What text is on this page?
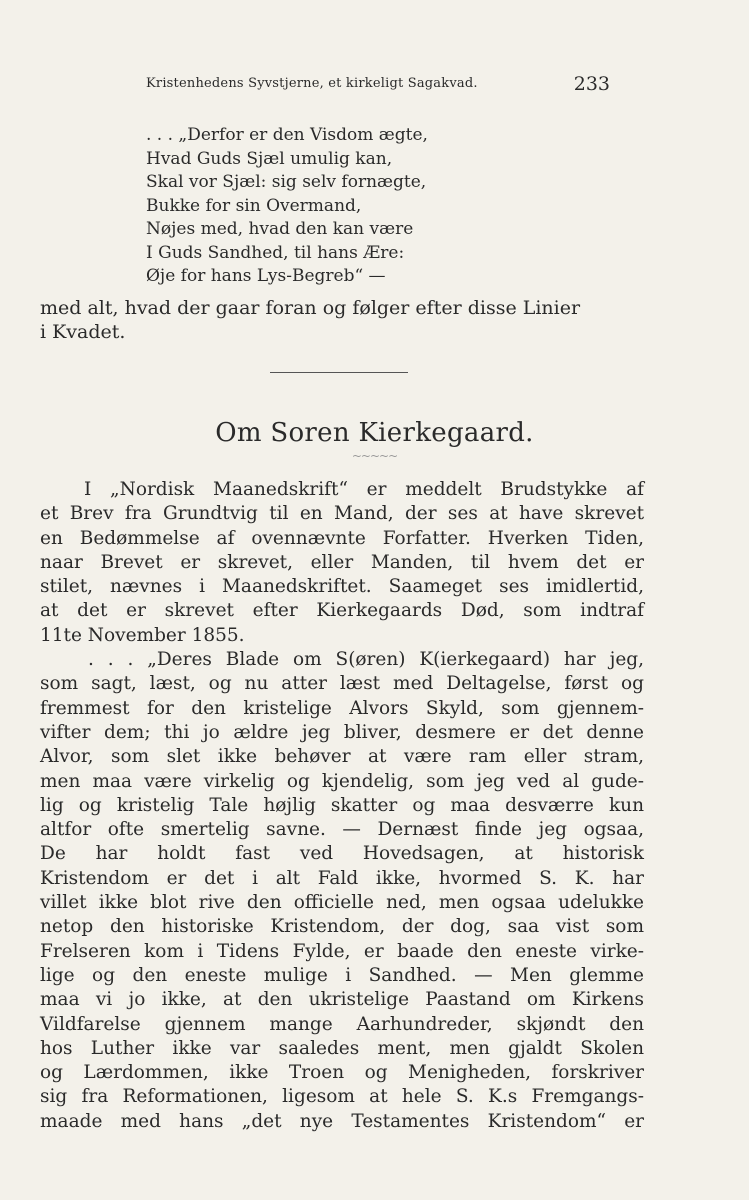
Kristenhedens Syvstjerne, et kirkeligt Sagakvad.	233
. . . „Derfor er den Visdom ægte,
Hvad Guds Sjæl umulig kan,
Skal vor Sjæl: sig selv fornægte,
Bukke for sin Overmand,
Nøjes med, hvad den kan være
I Guds Sandhed, til hans Ære:
Øje for hans Lys-Begreb“ —
med alt, hvad der gaar foran og følger efter disse Linier
i Kvadet.
Om Soren Kierkegaard.
~~~~~
I „Nordisk Maanedskrift“ er meddelt Brudstykke af
et Brev fra Grundtvig til en Mand, der ses at have skrevet
en Bedømmelse af ovennævnte Forfatter. Hverken Tiden,
naar Brevet er skrevet, eller Manden, til hvem det er
stilet, nævnes i Maanedskriftet. Saameget ses imidlertid,
at det er skrevet efter Kierkegaards Død, som indtraf
11te November 1855.
. . . „Deres Blade om S(øren) K(ierkegaard) har jeg,
som sagt, læst, og nu atter læst med Deltagelse, først og
fremmest for den kristelige Alvors Skyld, som gjennem-
vifter dem; thi jo ældre jeg bliver, desmere er det denne
Alvor, som slet ikke behøver at være ram eller stram,
men maa være virkelig og kjendelig, som jeg ved al gude-
lig og kristelig Tale højlig skatter og maa desværre kun
altfor ofte smertelig savne. — Dernæst finde jeg ogsaa,
De har holdt fast ved Hovedsagen, at historisk
Kristendom er det i alt Fald ikke, hvormed S. K. har
villet ikke blot rive den officielle ned, men ogsaa udelukke
netop den historiske Kristendom, der dog, saa vist som
Frelseren kom i Tidens Fylde, er baade den eneste virke-
lige og den eneste mulige i Sandhed. — Men glemme
maa vi jo ikke, at den ukristelige Paastand om Kirkens
Vildfarelse gjennem mange Aarhundreder, skjøndt den
hos Luther ikke var saaledes ment, men gjaldt Skolen
og Lærdommen, ikke Troen og Menigheden, forskriver
sig fra Reformationen, ligesom at hele S. K.s Fremgangs-
maade med hans „det nye Testamentes Kristendom“ er
